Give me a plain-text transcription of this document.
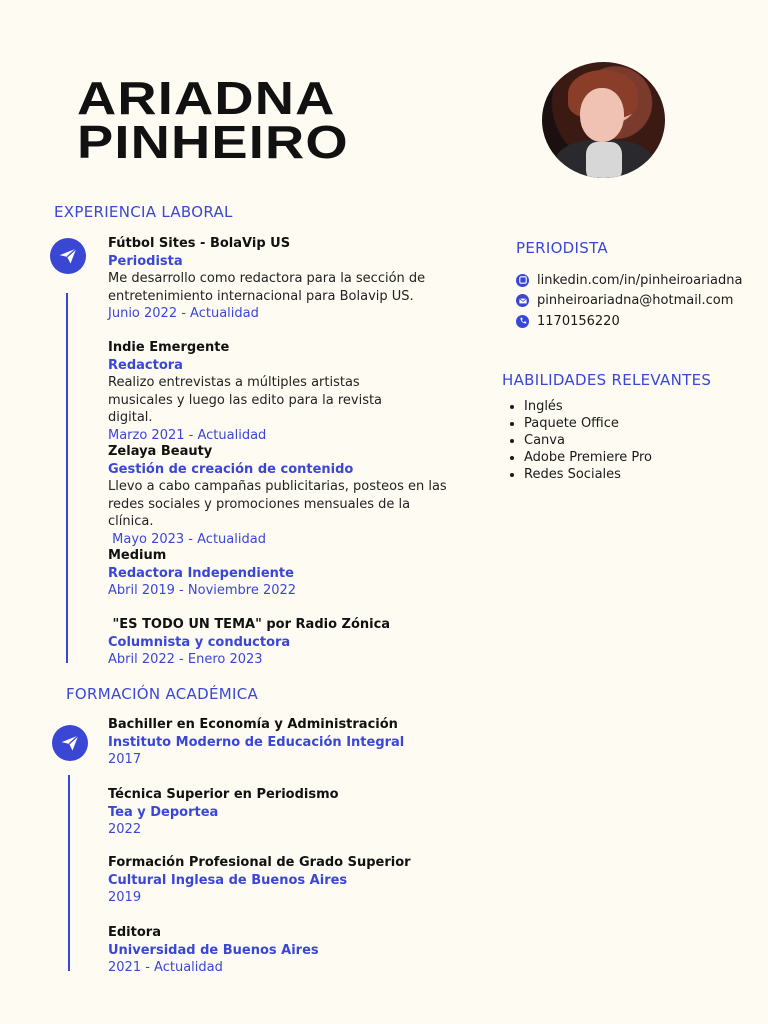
ARIADNA
PINHEIRO
EXPERIENCIA LABORAL
Fútbol Sites - BolaVip US
Periodista
Me desarrollo como redactora para la sección de entretenimiento internacional para Bolavip US.
Junio 2022 - Actualidad
Indie Emergente
Redactora
Realizo entrevistas a múltiples artistas musicales y luego las edito para la revista digital.
Marzo 2021 - Actualidad
Zelaya Beauty
Gestión de creación de contenido
Llevo a cabo campañas publicitarias, posteos en las redes sociales y promociones mensuales de la clínica.
Mayo 2023 - Actualidad
Medium
Redactora Independiente
Abril 2019 - Noviembre 2022
"ES TODO UN TEMA" por Radio Zónica
Columnista y conductora
Abril 2022 - Enero 2023
FORMACIÓN ACADÉMICA
Bachiller en Economía y Administración
Instituto Moderno de Educación Integral
2017
Técnica Superior en Periodismo
Tea y Deportea
2022
Formación Profesional de Grado Superior
Cultural Inglesa de Buenos Aires
2019
Editora
Universidad de Buenos Aires
2021 - Actualidad
PERIODISTA
linkedin.com/in/pinheiroariadna
pinheiroariadna@hotmail.com
1170156220
HABILIDADES RELEVANTES
• Inglés
• Paquete Office
• Canva
• Adobe Premiere Pro
• Redes Sociales
